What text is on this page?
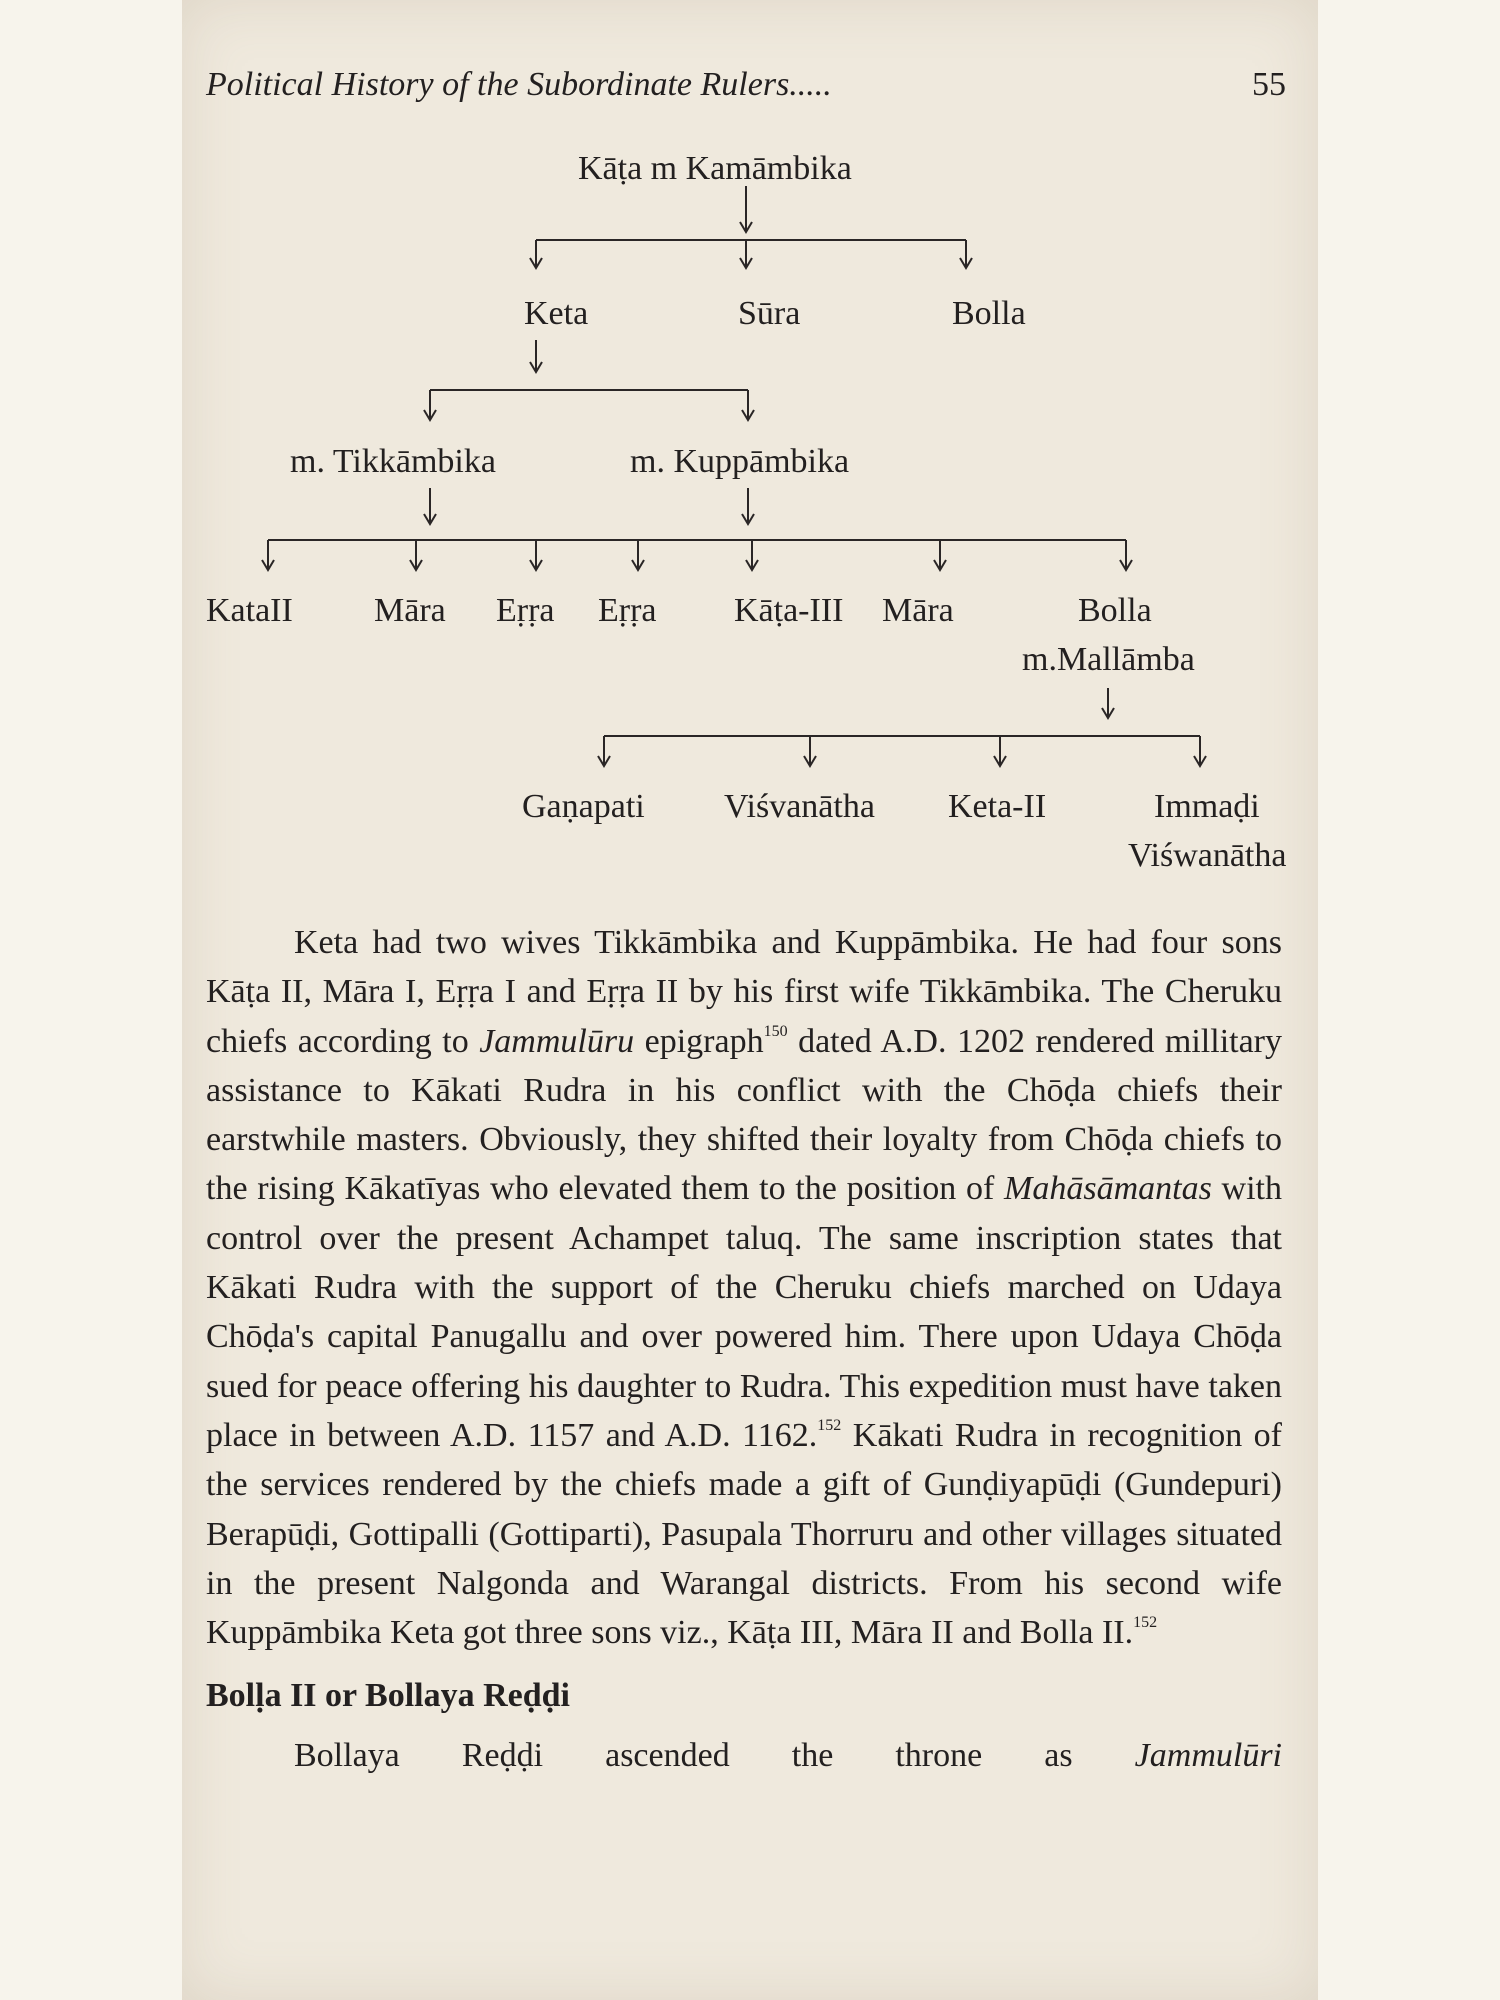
Political History of the Subordinate Rulers.....	55
Kāṭa m Kamāmbika
Keta	Sūra	Bolla
m. Tikkāmbika	m. Kuppāmbika
KataII Māra Eṛṛa Eṛṛa Kāṭa-III Māra	Bolla
m.Mallāmba
Gaṇapati Viśvanātha Keta-II	Immaḍi
Viśwanātha

Keta had two wives Tikkāmbika and Kuppāmbika. He had four sons Kāṭa II, Māra I, Eṛṛa I and Eṛṛa II by his first wife Tikkāmbika. The Cheruku chiefs according to Jammulūru epigraph$^{150}$ dated A.D. 1202 rendered millitary assistance to Kākati Rudra in his conflict with the Chōḍa chiefs their earstwhile masters. Obviously, they shifted their loyalty from Chōḍa chiefs to the rising Kākatīyas who elevated them to the position of Mahāsāmantas with control over the present Achampet taluq. The same inscription states that Kākati Rudra with the support of the Cheruku chiefs marched on Udaya Chōḍa's capital Panugallu and over powered him. There upon Udaya Chōḍa sued for peace offering his daughter to Rudra. This expedition must have taken place in between A.D. 1157 and A.D. 1162.$^{152}$ Kākati Rudra in recognition of the services rendered by the chiefs made a gift of Gunḍiyapūḍi (Gundepuri) Berapūḍi, Gottipalli (Gottiparti), Pasupala Thorruru and other villages situated in the present Nalgonda and Warangal districts. From his second wife Kuppāmbika Keta got three sons viz., Kāṭa III, Māra II and Bolla II.$^{152}$

Bolḷa II or Bollaya Reḍḍi

Bollaya Reḍḍi ascended the throne as Jammulūri
